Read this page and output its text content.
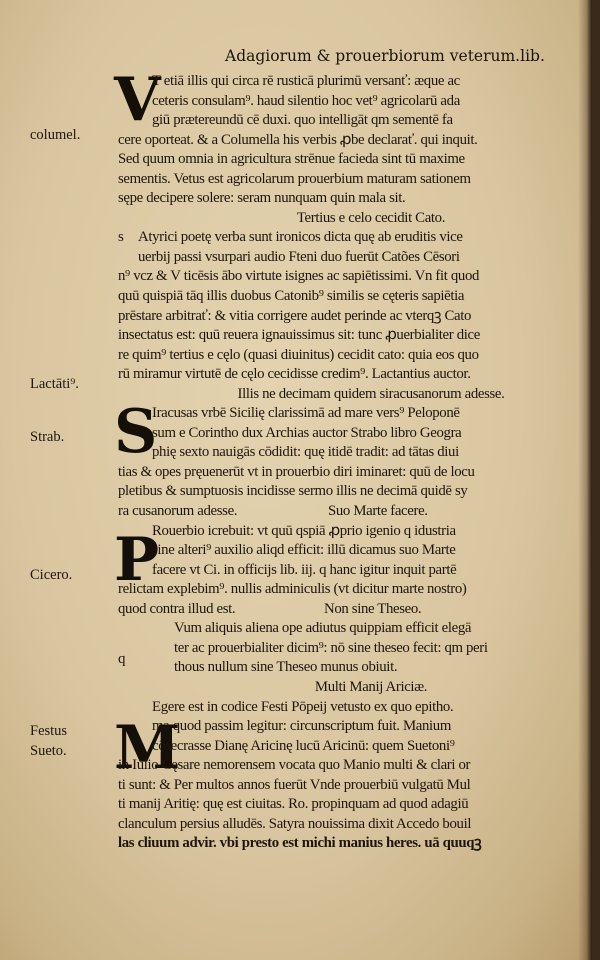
Adagiorum & prouerbiorum veterum.lib.
V
S
P
M
s
q
columel.
Lactāti⁹.
Strab.
Cicero.
Festus
Sueto.
T etiā illis qui circa rē rusticā plurimū versanť: æque ac
ceteris consulam⁹. haud silentio hoc vet⁹ agricolarū ada
giū prætereundū cē duxi. quo intelligāt qm sementē fa
cere oporteat. & a Columella his verbis ꝓbe declarať. qui inquit.
Sed quum omnia in agricultura strēnue facieda sint tū maxime
sementis. Vetus est agricolarum prouerbium maturam sationem
sępe decipere solere: seram nunquam quin mala sit.
Tertius e celo cecidit Cato.
Atyrici poetę verba sunt ironicos dicta quę ab eruditis vice
uerbij passi vsurpari audio Fteni duo fuerūt Catões Cēsori
n⁹ vcz & V ticēsis ābo virtute isignes ac sapiētissimi. Vn fit quod
quū quispiā tāq illis duobus Catonib⁹ similis se cęteris sapiētia
prēstare arbitrať: & vitia corrigere audet perinde ac vterqꝫ Cato
insectatus est: quū reuera ignauissimus sit: tunc ꝓuerbialiter dice
re quim⁹ tertius e cęlo (quasi diuinitus) cecidit cato: quia eos quo
rū miramur virtutē de cęlo cecidisse credim⁹. Lactantius auctor.
Illis ne decimam quidem siracusanorum adesse.
Iracusas vrbē Sicilię clarissimā ad mare vers⁹ Peloponē
sum e Corintho dux Archias auctor Strabo libro Geogra
phię sexto nauigās cōdidit: quę itidē tradit: ad tātas diui
tias & opes pręuenerūt vt in prouerbio diri iminaret: quū de locu
pletibus & sumptuosis incidisse sermo illis ne decimā quidē sy
ra cusanorum adesse.	Suo Marte facere.
Rouerbio icrebuit: vt quū qspiā ꝓprio igenio q idustria
sine alteri⁹ auxilio aliqd efficit: illū dicamus suo Marte
facere vt Ci. in officijs lib. iij. q hanc igitur inquit partē
relictam explebim⁹. nullis adminiculis (vt dicitur marte nostro)
quod contra illud est.	Non sine Theseo.
Vum aliquis aliena ope adiutus quippiam efficit elegā
ter ac prouerbialiter dicim⁹: nō sine theseo fecit: qm peri
thous nullum sine Theseo munus obiuit.
Multi Manij Ariciæ.
Egere est in codice Festi Pōpeij vetusto ex quo epitho.
ma quod passim legitur: circunscriptum fuit. Manium
cōsecrasse Dianę Aricinę lucū Aricinū: quem Suetoni⁹
in Iulio Cęsare nemorensem vocata quo Manio multi & clari or
ti sunt: & Per multos annos fuerūt Vnde prouerbiū vulgatū Mul
ti manij Aritię: quę est ciuitas. Ro. propinquam ad quod adagiū
clanculum persius alludēs. Satyra nouissima dixit Accedo bouil
las cliuum advir. vbi presto est michi manius heres. uā quuqꝫ
